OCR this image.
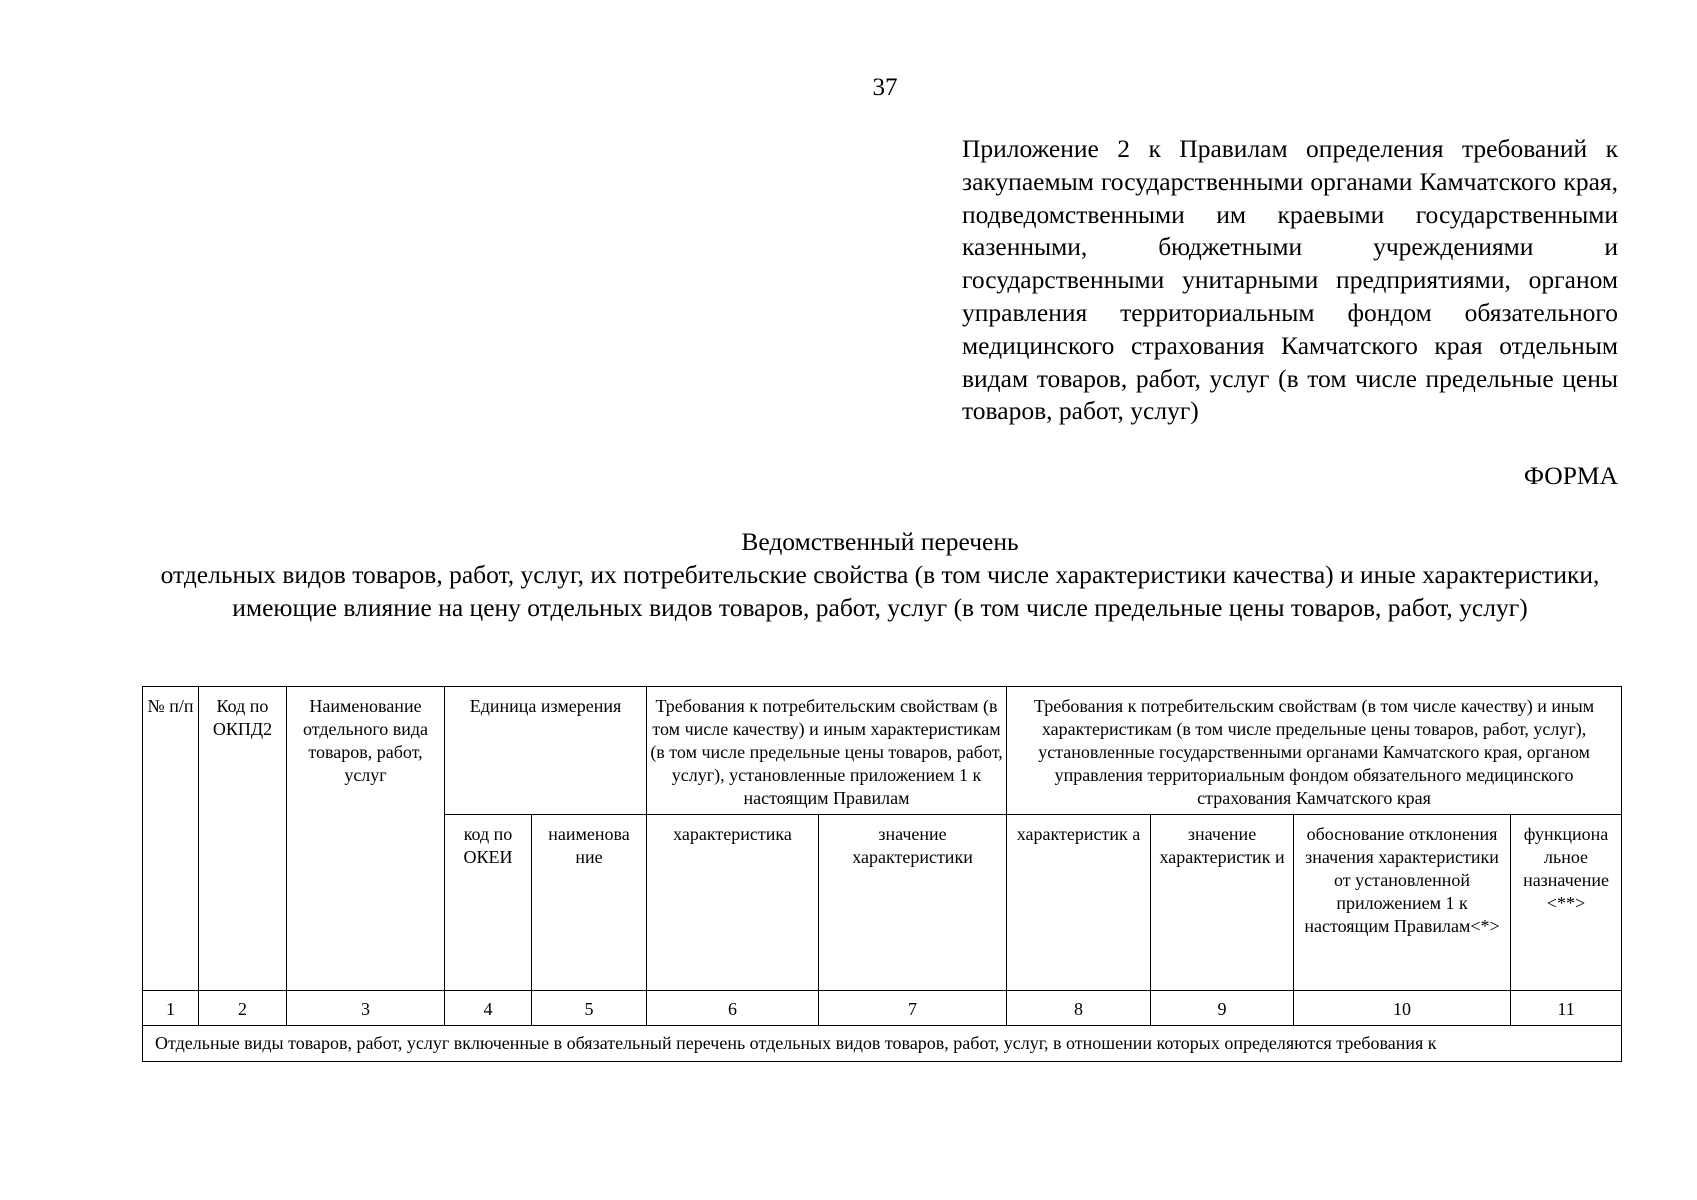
37
Приложение 2 к Правилам определения требований к закупаемым государственными органами Камчатского края, подведомственными им краевыми государственными казенными, бюджетными учреждениями и государственными унитарными предприятиями, органом управления территориальным фондом обязательного медицинского страхования Камчатского края отдельным видам товаров, работ, услуг (в том числе предельные цены товаров, работ, услуг)
ФОРМА
Ведомственный перечень
отдельных видов товаров, работ, услуг, их потребительские свойства (в том числе характеристики качества) и иные характеристики, имеющие влияние на цену отдельных видов товаров, работ, услуг (в том числе предельные цены товаров, работ, услуг)
№ п/п	Код по ОКПД2	Наименование отдельного вида товаров, работ, услуг	Единица измерения		Требования к потребительским свойствам (в том числе качеству) и иным характеристикам (в том числе предельные цены товаров, работ, услуг), установленные приложением 1 к настоящим Правилам		Требования к потребительским свойствам (в том числе качеству) и иным характеристикам (в том числе предельные цены товаров, работ, услуг), установленные государственными органами Камчатского края, органом управления территориальным фондом обязательного медицинского страхования Камчатского края			
			код по ОКЕИ	наименова ние	характеристика	значение характеристики	характеристик а	значение характеристик и	обоснование отклонения значения характеристики от установленной приложением 1 к настоящим Правилам<*>	функциона льное назначение <**>
1	2	3	4	5	6	7	8	9	10	11
Отдельные виды товаров, работ, услуг включенные в обязательный перечень отдельных видов товаров, работ, услуг, в отношении которых определяются требования к										
